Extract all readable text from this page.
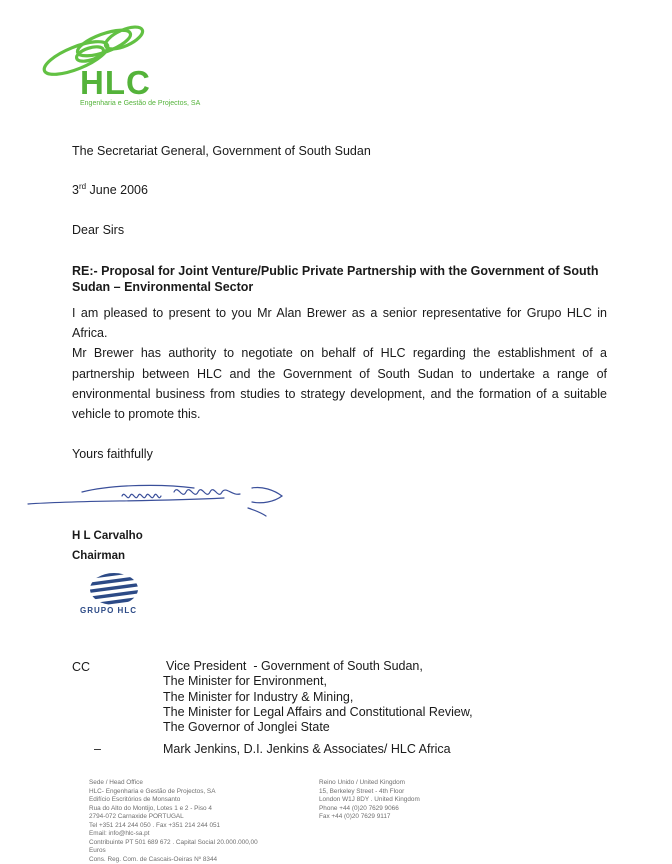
HLC
Engenharia e Gestão de Projectos, SA
The Secretariat General, Government of South Sudan
3rd June 2006
Dear Sirs
RE:- Proposal for Joint Venture/Public Private Partnership with the Government of South Sudan – Environmental Sector

I am pleased to present to you Mr Alan Brewer as a senior representative for Grupo HLC in Africa.

Mr Brewer has authority to negotiate on behalf of HLC regarding the establishment of a partnership between HLC and the Government of South Sudan to undertake a range of environmental business from studies to strategy development, and the formation of a suitable vehicle to promote this.

Yours faithfully
H L Carvalho
Chairman
GRUPO HLC
CC	Vice President  - Government of South Sudan,
The Minister for Environment,
The Minister for Industry & Mining,
The Minister for Legal Affairs and Constitutional Review,
The Governor of Jonglei State
–	Mark Jenkins, D.I. Jenkins & Associates/ HLC Africa
Sede / Head Office
HLC- Engenharia e Gestão de Projectos, SA
Edifício Escritórios de Monsanto
Rua do Alto do Montijo, Lotes 1 e 2 - Piso 4
2794-072 Carnaxide PORTUGAL
Tel +351 214 244 050 . Fax +351 214 244 051
Email: info@hlc-sa.pt
Contribuinte PT 501 689 672 . Capital Social 20.000.000,00
Euros
Cons. Reg. Com. de Cascais-Oeiras Nº 8344
Reino Unido / United Kingdom
15, Berkeley Street - 4th Floor
London W1J 8DY . United Kingdom
Phone +44 (0)20 7629 9066
Fax +44 (0)20 7629 9117
